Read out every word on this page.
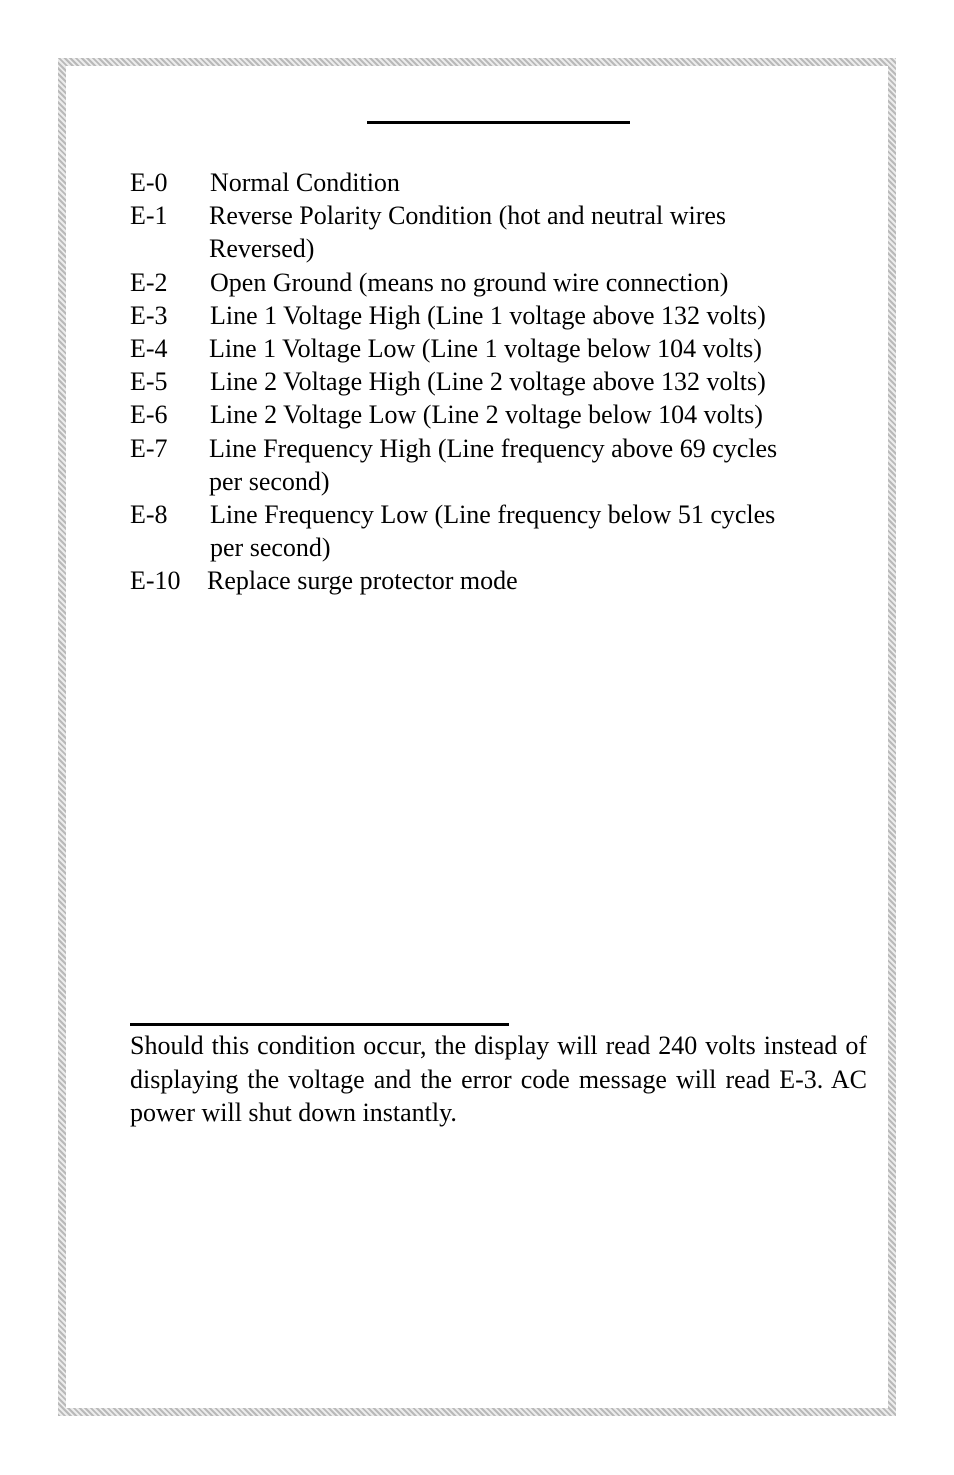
E-0 Normal Condition
E-1 Reverse Polarity Condition (hot and neutral wires
Reversed)
E-2 Open Ground (means no ground wire connection)
E-3 Line 1 Voltage High (Line 1 voltage above 132 volts)
E-4 Line 1 Voltage Low (Line 1 voltage below 104 volts)
E-5 Line 2 Voltage High (Line 2 voltage above 132 volts)
E-6 Line 2 Voltage Low (Line 2 voltage below 104 volts)
E-7 Line Frequency High (Line frequency above 69 cycles
per second)
E-8 Line Frequency Low (Line frequency below 51 cycles
per second)
E-10 Replace surge protector mode

Should this condition occur, the display will read 240 volts instead of displaying the voltage and the error code message will read E-3. AC power will shut down instantly.
